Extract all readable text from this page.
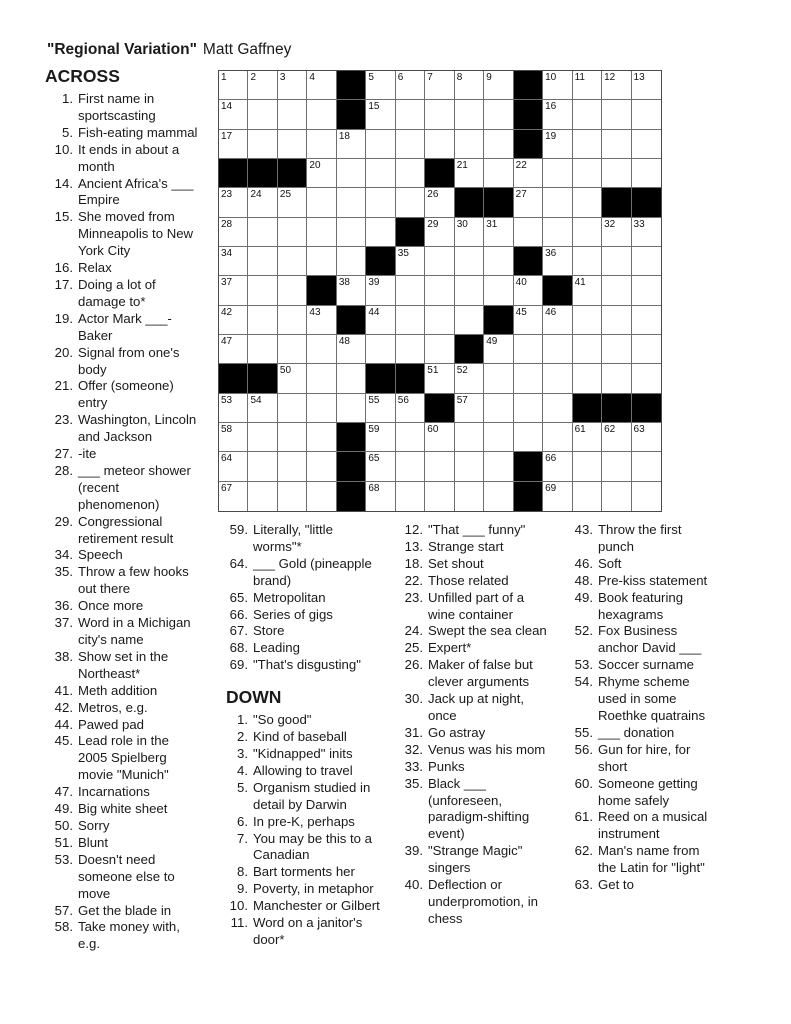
"Regional Variation" Matt Gaffney
1 2 3 4	5 6 7 8 9	10 11 12 13
14	15	16
17	18	19
20	21	22
23 24 25	26	27
28	29 30 31	32 33
34	35	36
37	38 39	40	41
42	43	44	45 46
47	48	49
50	51 52
53 54	55 56	57
58	59	60	61 62 63
64	65	66
67	68	69
ACROSS
1. First name in sportscasting
5. Fish-eating mammal
10. It ends in about a month
14. Ancient Africa's ___ Empire
15. She moved from Minneapolis to New York City
16. Relax
17. Doing a lot of damage to*
19. Actor Mark ___-Baker
20. Signal from one's body
21. Offer (someone) entry
23. Washington, Lincoln and Jackson
27. -ite
28. ___ meteor shower (recent phenomenon)
29. Congressional retirement result
34. Speech
35. Throw a few hooks out there
36. Once more
37. Word in a Michigan city's name
38. Show set in the Northeast*
41. Meth addition
42. Metros, e.g.
44. Pawed pad
45. Lead role in the 2005 Spielberg movie "Munich"
47. Incarnations
49. Big white sheet
50. Sorry
51. Blunt
53. Doesn't need someone else to move
57. Get the blade in
58. Take money with, e.g.
59. Literally, "little worms"*
64. ___ Gold (pineapple brand)
65. Metropolitan
66. Series of gigs
67. Store
68. Leading
69. "That's disgusting"
DOWN
1. "So good"
2. Kind of baseball
3. "Kidnapped" inits
4. Allowing to travel
5. Organism studied in detail by Darwin
6. In pre-K, perhaps
7. You may be this to a Canadian
8. Bart torments her
9. Poverty, in metaphor
10. Manchester or Gilbert
11. Word on a janitor's door*
12. "That ___ funny"
13. Strange start
18. Set shout
22. Those related
23. Unfilled part of a wine container
24. Swept the sea clean
25. Expert*
26. Maker of false but clever arguments
30. Jack up at night, once
31. Go astray
32. Venus was his mom
33. Punks
35. Black ___ (unforeseen, paradigm-shifting event)
39. "Strange Magic" singers
40. Deflection or underpromotion, in chess
43. Throw the first punch
46. Soft
48. Pre-kiss statement
49. Book featuring hexagrams
52. Fox Business anchor David ___
53. Soccer surname
54. Rhyme scheme used in some Roethke quatrains
55. ___ donation
56. Gun for hire, for short
60. Someone getting home safely
61. Reed on a musical instrument
62. Man's name from the Latin for "light"
63. Get to
